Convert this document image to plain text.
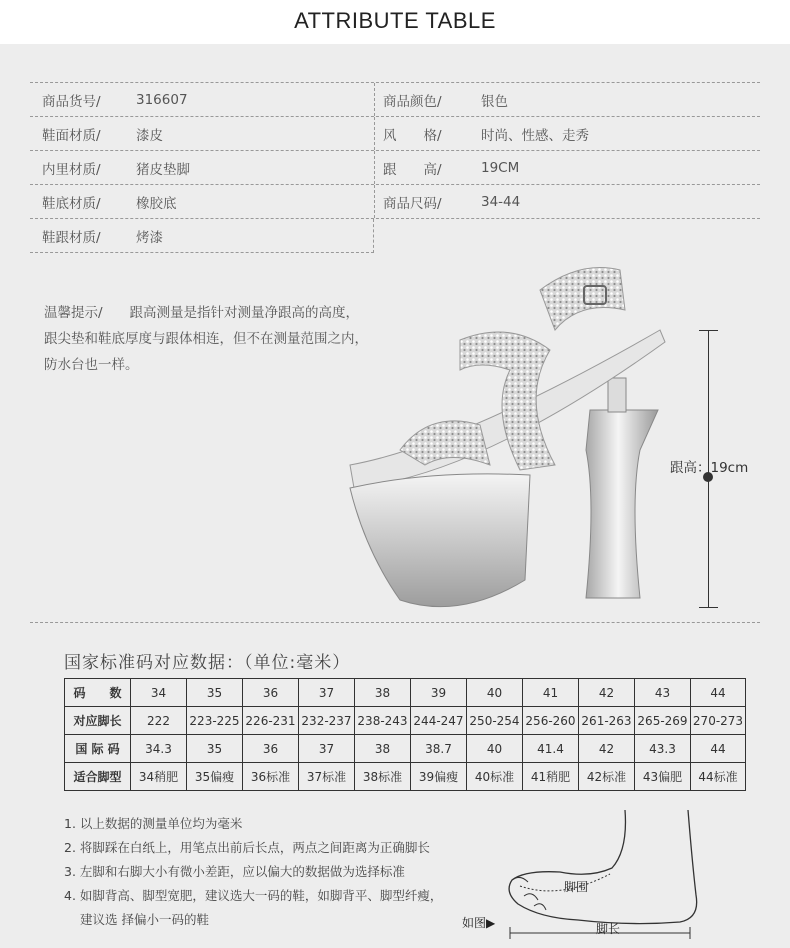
ATTRIBUTE TABLE
商品货号/	316607	商品颜色/	银色
鞋面材质/	漆皮	风　　格/	时尚、性感、走秀
内里材质/	猪皮垫脚	跟　　高/	19CM
鞋底材质/	橡胶底	商品尺码/	34-44
鞋跟材质/	烤漆
温馨提示/　　跟高测量是指针对测量净跟高的高度，
跟尖垫和鞋底厚度与跟体相连，但不在测量范围之内，
防水台也一样。
跟高：19cm
国家标准码对应数据：（单位:毫米）
码　　数	34	35	36	37	38	39	40	41	42	43	44
对应脚长	222	223-225	226-231	232-237	238-243	244-247	250-254	256-260	261-263	265-269	270-273
国 际 码	34.3	35	36	37	38	38.7	40	41.4	42	43.3	44
适合脚型	34稍肥	35偏瘦	36标准	37标准	38标准	39偏瘦	40标准	41稍肥	42标准	43偏肥	44标准
1. 以上数据的测量单位均为毫米
2. 将脚踩在白纸上，用笔点出前后长点，两点之间距离为正确脚长
3. 左脚和右脚大小有微小差距，应以偏大的数据做为选择标准
4. 如脚背高、脚型宽肥，建议选大一码的鞋，如脚背平、脚型纤瘦，
建议选 择偏小一码的鞋	如图▶
脚围
脚长
